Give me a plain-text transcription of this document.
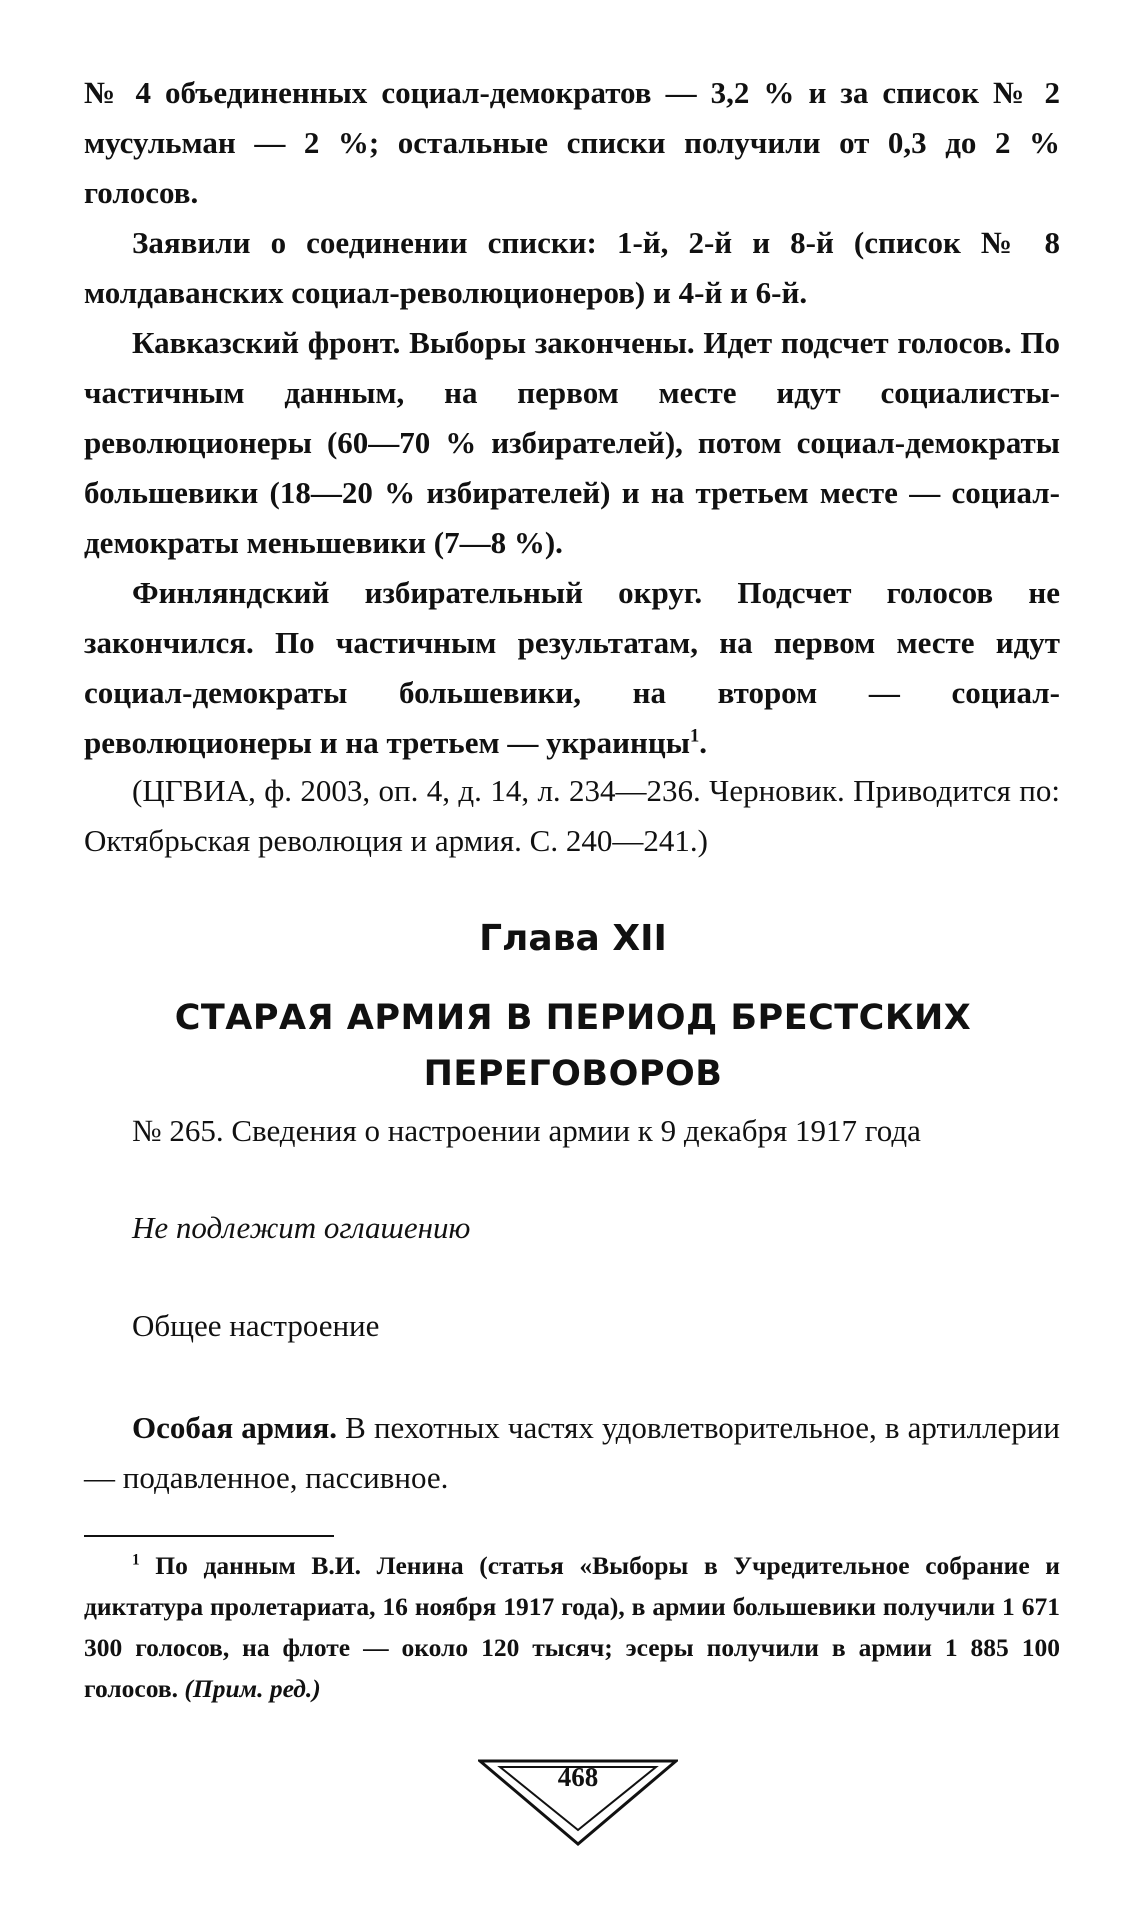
№ 4 объединенных социал-демократов — 3,2 % и за список № 2 мусульман — 2 %; остальные списки получили от 0,3 до 2 % голосов.

Заявили о соединении списки: 1-й, 2-й и 8-й (список № 8 молдаванских социал-революционеров) и 4-й и 6-й.

Кавказский фронт. Выборы закончены. Идет подсчет голосов. По частичным данным, на первом месте идут социалисты-революционеры (60—70 % избирателей), потом социал-демократы большевики (18—20 % избирателей) и на третьем месте — социал-демократы меньшевики (7—8 %).

Финляндский избирательный округ. Подсчет голосов не закончился. По частичным результатам, на первом месте идут социал-демократы большевики, на втором — социал-революционеры и на третьем — украинцы$^1$.

(ЦГВИА, ф. 2003, оп. 4, д. 14, л. 234—236. Черновик. Приводится по: Октябрьская революция и армия. С. 240—241.)

Глава XII
СТАРАЯ АРМИЯ В ПЕРИОД БРЕСТСКИХ
ПЕРЕГОВОРОВ

№ 265. Сведения о настроении армии к 9 декабря 1917 года

Не подлежит оглашению

Общее настроение

Особая армия. В пехотных частях удовлетворительное, в артиллерии — подавленное, пассивное.

$^1$ По данным В.И. Ленина (статья «Выборы в Учредительное собрание и диктатура пролетариата, 16 ноября 1917 года), в армии большевики получили 1 671 300 голосов, на флоте — около 120 тысяч; эсеры получили в армии 1 885 100 голосов. (Прим. ред.)

468
